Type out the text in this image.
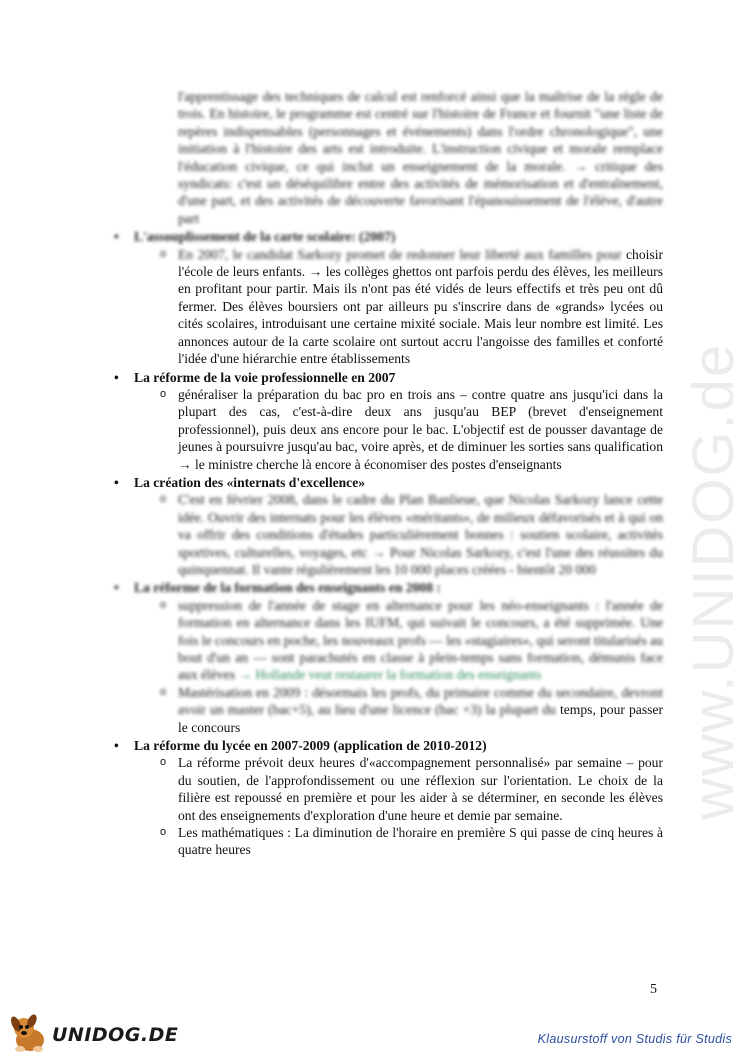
www.UNIDOG.de
l'apprentissage des techniques de calcul est renforcé ainsi que la maîtrise de la règle de trois. En histoire, le programme est centré sur l'histoire de France et fournit "une liste de repères indispensables (personnages et événements) dans l'ordre chronologique", une initiation à l'histoire des arts est introduite. L'instruction civique et morale remplace l'éducation civique, ce qui inclut un enseignement de la morale. → critique des syndicats: c'est un déséquilibre entre des activités de mémorisation et d'entraînement, d'une part, et des activités de découverte favorisant l'épanouissement de l'élève, d'autre part
• L'assouplissement de la carte scolaire: (2007)
o En 2007, le candidat Sarkozy promet de redonner leur liberté aux familles pour choisir l'école de leurs enfants. → les collèges ghettos ont parfois perdu des élèves, les meilleurs en profitant pour partir. Mais ils n'ont pas été vidés de leurs effectifs et très peu ont dû fermer. Des élèves boursiers ont par ailleurs pu s'inscrire dans de «grands» lycées ou cités scolaires, introduisant une certaine mixité sociale. Mais leur nombre est limité. Les annonces autour de la carte scolaire ont surtout accru l'angoisse des familles et conforté l'idée d'une hiérarchie entre établissements
• La réforme de la voie professionnelle en 2007
o généraliser la préparation du bac pro en trois ans – contre quatre ans jusqu'ici dans la plupart des cas, c'est-à-dire deux ans jusqu'au BEP (brevet d'enseignement professionnel), puis deux ans encore pour le bac. L'objectif est de pousser davantage de jeunes à poursuivre jusqu'au bac, voire après, et de diminuer les sorties sans qualification → le ministre cherche là encore à économiser des postes d'enseignants
• La création des «internats d'excellence»
o C'est en février 2008, dans le cadre du Plan Banlieue, que Nicolas Sarkozy lance cette idée. Ouvrir des internats pour les élèves «méritants», de milieux défavorisés et à qui on va offrir des conditions d'études particulièrement bonnes : soutien scolaire, activités sportives, culturelles, voyages, etc → Pour Nicolas Sarkozy, c'est l'une des réussites du quinquennat. Il vante régulièrement les 10 000 places créées - bientôt 20 000
• La réforme de la formation des enseignants en 2008 :
o suppression de l'année de stage en alternance pour les néo-enseignants : l'année de formation en alternance dans les IUFM, qui suivait le concours, a été supprimée. Une fois le concours en poche, les nouveaux profs — les «stagiaires», qui seront titularisés au bout d'un an — sont parachutés en classe à plein-temps sans formation, démunis face aux élèves → Hollande veut restaurer la formation des enseignants
o Mastérisation en 2009 : désormais les profs, du primaire comme du secondaire, devront avoir un master (bac+5), au lieu d'une licence (bac +3) la plupart du temps, pour passer le concours
• La réforme du lycée en 2007-2009 (application de 2010-2012)
o La réforme prévoit deux heures d'«accompagnement personnalisé» par semaine – pour du soutien, de l'approfondissement ou une réflexion sur l'orientation. Le choix de la filière est repoussé en première et pour les aider à se déterminer, en seconde les élèves ont des enseignements d'exploration d'une heure et demie par semaine.
o Les mathématiques : La diminution de l'horaire en première S qui passe de cinq heures à quatre heures
5
UNIDOG.DE	Klausurstoff von Studis für Studis
